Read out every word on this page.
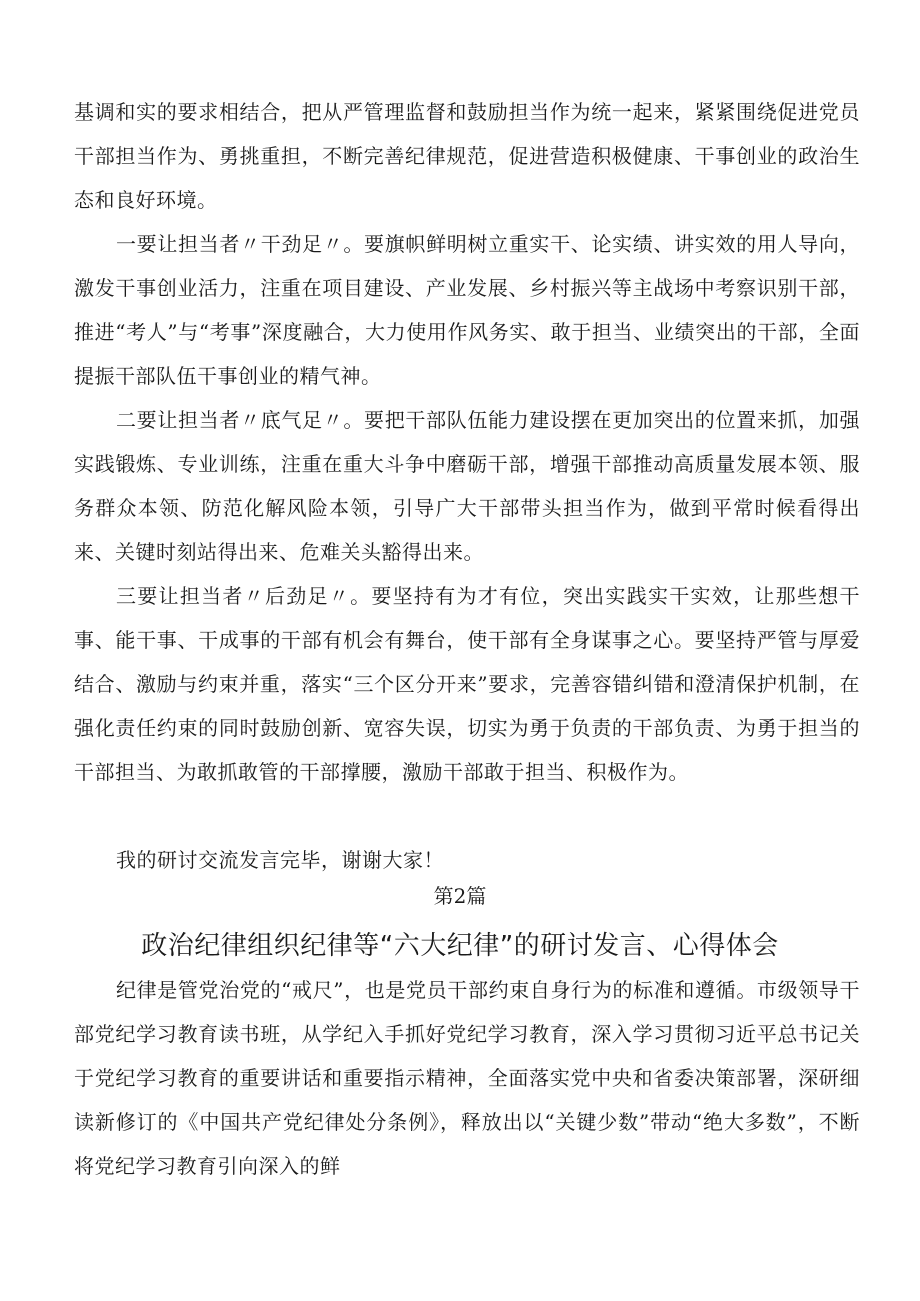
基调和实的要求相结合，把从严管理监督和鼓励担当作为统一起来，紧紧围绕促进党员干部担当作为、勇挑重担，不断完善纪律规范，促进营造积极健康、干事创业的政治生态和良好环境。

一要让担当者〃干劲足〃。要旗帜鲜明树立重实干、论实绩、讲实效的用人导向，激发干事创业活力，注重在项目建设、产业发展、乡村振兴等主战场中考察识别干部，推进“考人”与“考事”深度融合，大力使用作风务实、敢于担当、业绩突出的干部，全面提振干部队伍干事创业的精气神。

二要让担当者〃底气足〃。要把干部队伍能力建设摆在更加突出的位置来抓，加强实践锻炼、专业训练，注重在重大斗争中磨砺干部，增强干部推动高质量发展本领、服务群众本领、防范化解风险本领，引导广大干部带头担当作为，做到平常时候看得出来、关键时刻站得出来、危难关头豁得出来。

三要让担当者〃后劲足〃。要坚持有为才有位，突出实践实干实效，让那些想干事、能干事、干成事的干部有机会有舞台，使干部有全身谋事之心。要坚持严管与厚爱结合、激励与约束并重，落实“三个区分开来”要求，完善容错纠错和澄清保护机制，在强化责任约束的同时鼓励创新、宽容失误，切实为勇于负责的干部负责、为勇于担当的干部担当、为敢抓敢管的干部撑腰，激励干部敢于担当、积极作为。

我的研讨交流发言完毕，谢谢大家！

第2篇

政治纪律组织纪律等“六大纪律”的研讨发言、心得体会

纪律是管党治党的“戒尺”，也是党员干部约束自身行为的标准和遵循。市级领导干部党纪学习教育读书班，从学纪入手抓好党纪学习教育，深入学习贯彻习近平总书记关于党纪学习教育的重要讲话和重要指示精神，全面落实党中央和省委决策部署，深研细读新修订的《中国共产党纪律处分条例》，释放出以“关键少数”带动“绝大多数”，不断将党纪学习教育引向深入的鲜
